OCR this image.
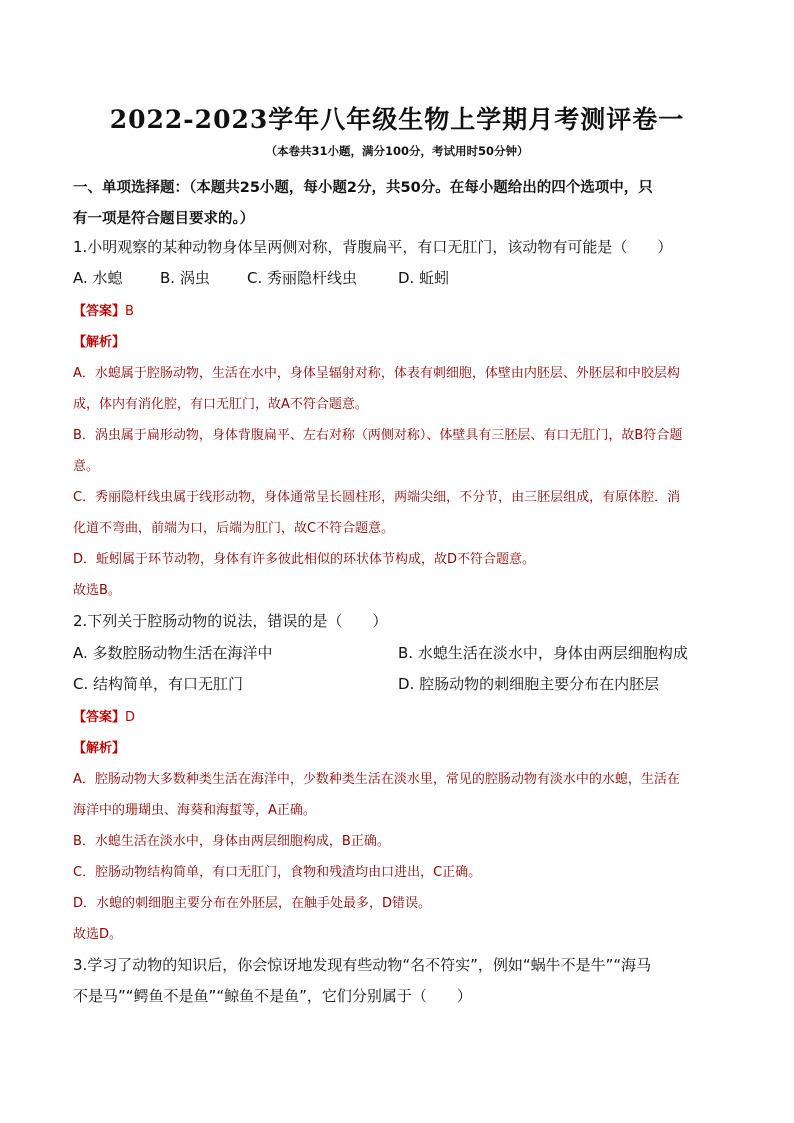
2022-2023学年八年级生物上学期月考测评卷一
（本卷共31小题，满分100分，考试用时50分钟）
一、单项选择题：（本题共25小题，每小题2分，共50分。在每小题给出的四个选项中，只
有一项是符合题目要求的。）
1.小明观察的某种动物身体呈两侧对称，背腹扁平，有口无肛门，该动物有可能是（　　）
A. 水螅 B. 涡虫 C. 秀丽隐杆线虫	D. 蚯蚓
【答案】B
【解析】
A．水螅属于腔肠动物，生活在水中，身体呈辐射对称，体表有刺细胞，体壁由内胚层、外胚层和中胶层构
成，体内有消化腔，有口无肛门，故A不符合题意。
B．涡虫属于扁形动物，身体背腹扁平、左右对称（两侧对称）、体壁具有三胚层、有口无肛门，故B符合题
意。
C．秀丽隐杆线虫属于线形动物，身体通常呈长圆柱形，两端尖细，不分节，由三胚层组成，有原体腔．消
化道不弯曲，前端为口，后端为肛门，故C不符合题意。
D．蚯蚓属于环节动物，身体有许多彼此相似的环状体节构成，故D不符合题意。
故选B。
2.下列关于腔肠动物的说法，错误的是（　　）
A. 多数腔肠动物生活在海洋中	B. 水螅生活在淡水中，身体由两层细胞构成
C. 结构简单，有口无肛门	D. 腔肠动物的刺细胞主要分布在内胚层
【答案】D
【解析】
A．腔肠动物大多数种类生活在海洋中，少数种类生活在淡水里，常见的腔肠动物有淡水中的水螅，生活在
海洋中的珊瑚虫、海葵和海蜇等，A正确。
B．水螅生活在淡水中，身体由两层细胞构成，B正确。
C．腔肠动物结构简单，有口无肛门，食物和残渣均由口进出，C正确。
D．水螅的刺细胞主要分布在外胚层，在触手处最多，D错误。
故选D。
3.学习了动物的知识后，你会惊讶地发现有些动物“名不符实”，例如“蜗牛不是牛”“海马
不是马”“鳄鱼不是鱼”“鲸鱼不是鱼”，它们分别属于（　　）
